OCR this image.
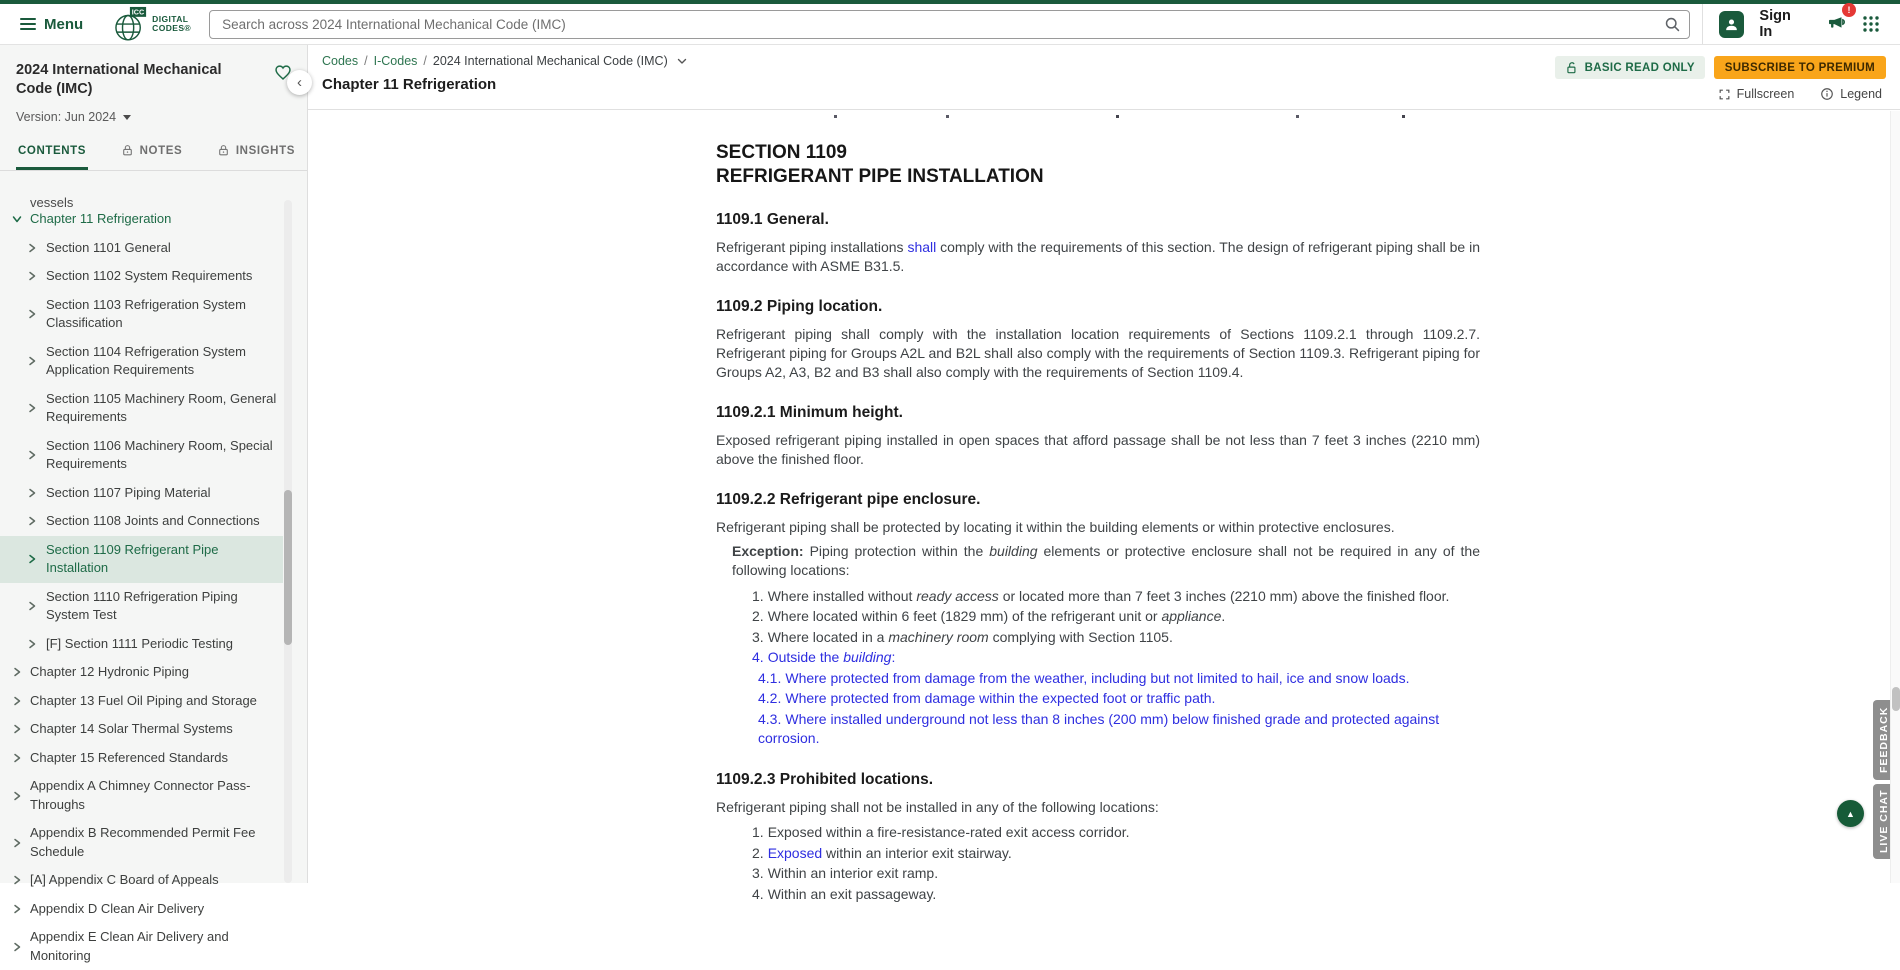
Menu
ICC
DIGITAL
CODES®
Search across 2024 International Mechanical Code (IMC)
Sign In
!
2024 International Mechanical Code (IMC)
Version: Jun 2024
CONTENTS	NOTES	INSIGHTS
vessels
Chapter 11 Refrigeration
Section 1101 General
Section 1102 System Requirements
Section 1103 Refrigeration System Classification
Section 1104 Refrigeration System Application Requirements
Section 1105 Machinery Room, General Requirements
Section 1106 Machinery Room, Special Requirements
Section 1107 Piping Material
Section 1108 Joints and Connections
Section 1109 Refrigerant Pipe Installation
Section 1110 Refrigeration Piping System Test
[F] Section 1111 Periodic Testing
Chapter 12 Hydronic Piping
Chapter 13 Fuel Oil Piping and Storage
Chapter 14 Solar Thermal Systems
Chapter 15 Referenced Standards
Appendix A Chimney Connector Pass-Throughs
Appendix B Recommended Permit Fee Schedule
[A] Appendix C Board of Appeals
Appendix D Clean Air Delivery
Appendix E Clean Air Delivery and Monitoring
‹
Codes / I-Codes / 2024 International Mechanical Code (IMC)
Chapter 11 Refrigeration
BASIC READ ONLY	SUBSCRIBE TO PREMIUM
Fullscreen	Legend
SECTION 1109
REFRIGERANT PIPE INSTALLATION
1109.1 General.

Refrigerant piping installations shall comply with the requirements of this section. The design of refrigerant piping shall be in accordance with ASME B31.5.

1109.2 Piping location.

Refrigerant piping shall comply with the installation location requirements of Sections 1109.2.1 through 1109.2.7. Refrigerant piping for Groups A2L and B2L shall also comply with the requirements of Section 1109.3. Refrigerant piping for Groups A2, A3, B2 and B3 shall also comply with the requirements of Section 1109.4.

1109.2.1 Minimum height.

Exposed refrigerant piping installed in open spaces that afford passage shall be not less than 7 feet 3 inches (2210 mm) above the finished floor.

1109.2.2 Refrigerant pipe enclosure.

Refrigerant piping shall be protected by locating it within the building elements or within protective enclosures.

Exception: Piping protection within the building elements or protective enclosure shall not be required in any of the following locations:

1. Where installed without ready access or located more than 7 feet 3 inches (2210 mm) above the finished floor.
2. Where located within 6 feet (1829 mm) of the refrigerant unit or appliance.
3. Where located in a machinery room complying with Section 1105.
4. Outside the building:
4.1. Where protected from damage from the weather, including but not limited to hail, ice and snow loads.
4.2. Where protected from damage within the expected foot or traffic path.
4.3. Where installed underground not less than 8 inches (200 mm) below finished grade and protected against corrosion.
1109.2.3 Prohibited locations.

Refrigerant piping shall not be installed in any of the following locations:

1. Exposed within a fire-resistance-rated exit access corridor.
2. Exposed within an interior exit stairway.
3. Within an interior exit ramp.
4. Within an exit passageway.
FEEDBACK
LIVE CHAT
▲
